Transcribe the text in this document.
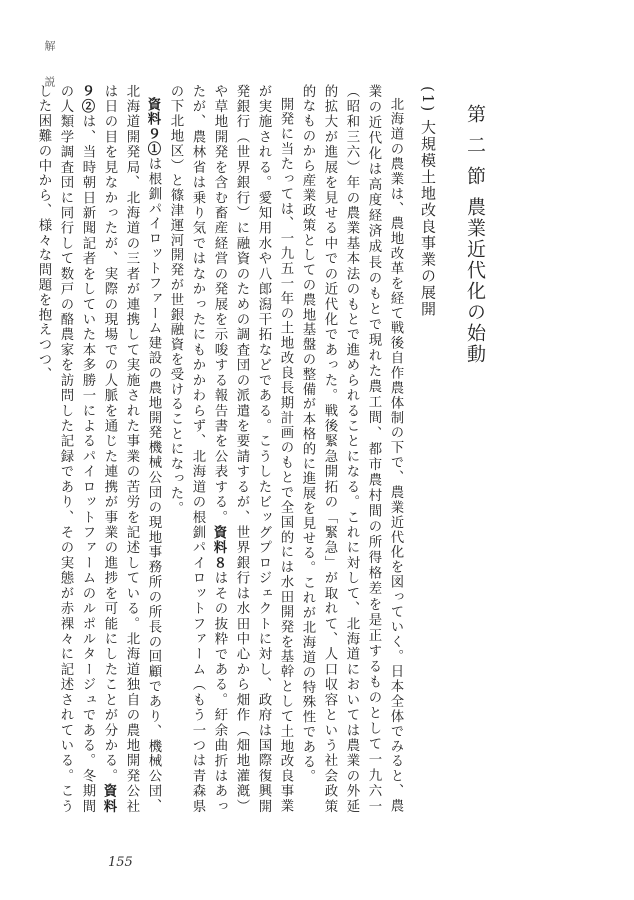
解　説
第二節農業近代化の始動
(1)大規模土地改良事業の展開

北海道の農業は、農地改革を経て戦後自作農体制の下で、農業近代化を図っていく。日本全体でみると、農業の近代化は高度経済成長のもとで現れた農工間、都市農村間の所得格差を是正するものとして一九六一（昭和三六）年の農業基本法のもとで進められることになる。これに対して、北海道においては農業の外延的拡大が進展を見せる中での近代化であった。戦後緊急開拓の「緊急」が取れて、人口収容という社会政策的なものから産業政策としての農地基盤の整備が本格的に進展を見せる。これが北海道の特殊性である。

開発に当たっては、一九五一年の土地改良長期計画のもとで全国的には水田開発を基幹として土地改良事業が実施される。愛知用水や八郎潟干拓などである。こうしたビッグプロジェクトに対し、政府は国際復興開発銀行（世界銀行）に融資のための調査団の派遣を要請するが、世界銀行は水田中心から畑作（畑地灌漑）や草地開発を含む畜産経営の発展を示唆する報告書を公表する。資料８はその抜粋である。紆余曲折はあったが、農林省は乗り気ではなかったにもかかわらず、北海道の根釧パイロットファーム（もう一つは青森県の下北地区）と篠津運河開発が世銀融資を受けることになった。

資料９①は根釧パイロットファーム建設の農地開発機械公団の現地事務所の所長の回顧であり、機械公団、北海道開発局、北海道の三者が連携して実施された事業の苦労を記述している。北海道独自の農地開発公社は日の目を見なかったが、実際の現場での人脈を通じた連携が事業の進捗を可能にしたことが分かる。資料９②は、当時朝日新聞記者をしていた本多勝一によるパイロットファームのルポルタージュである。冬期間の人類学調査団に同行して数戸の酪農家を訪問した記録であり、その実態が赤裸々に記述されている。こうした困難の中から、様々な問題を抱えつつ、

155
